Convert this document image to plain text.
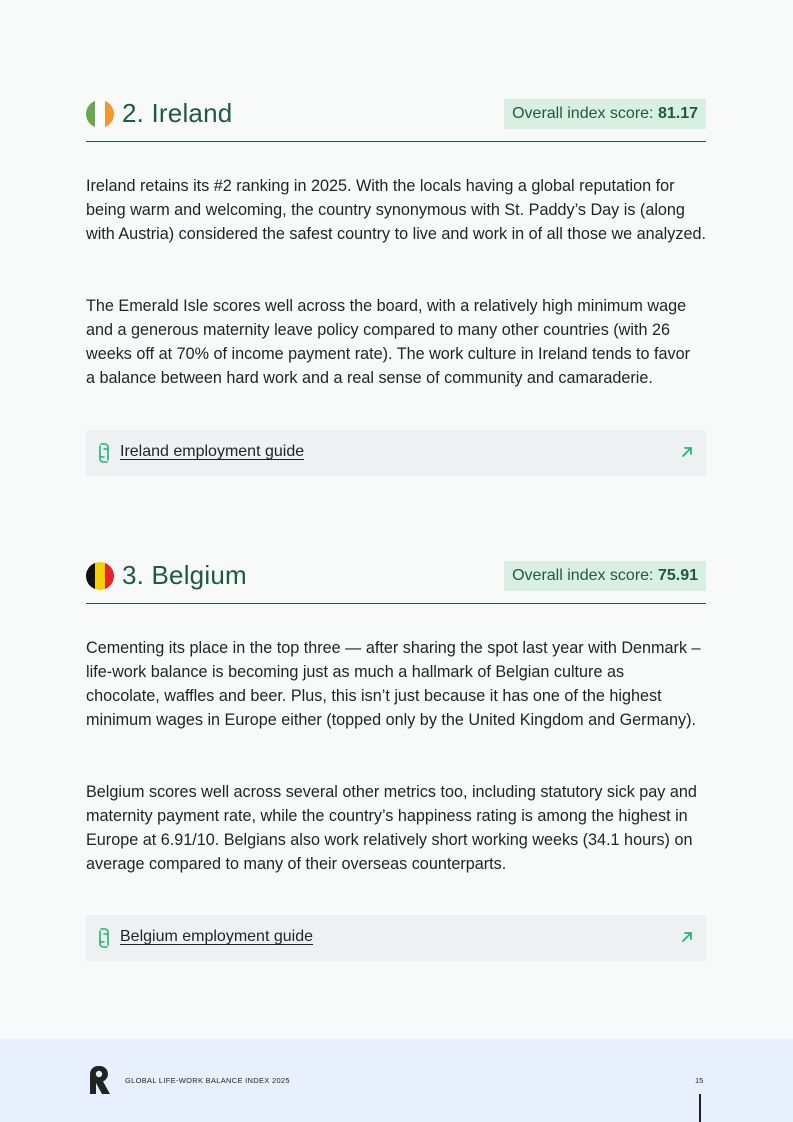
2. Ireland	Overall index score: 81.17

Ireland retains its #2 ranking in 2025. With the locals having a global reputation for being warm and welcoming, the country synonymous with St. Paddy’s Day is (along with Austria) considered the safest country to live and work in of all those we analyzed.

The Emerald Isle scores well across the board, with a relatively high minimum wage and a generous maternity leave policy compared to many other countries (with 26 weeks off at 70% of income payment rate). The work culture in Ireland tends to favor a balance between hard work and a real sense of community and camaraderie.

Ireland employment guide
3. Belgium	Overall index score: 75.91

Cementing its place in the top three — after sharing the spot last year with Denmark – life-work balance is becoming just as much a hallmark of Belgian culture as chocolate, waffles and beer. Plus, this isn’t just because it has one of the highest minimum wages in Europe either (topped only by the United Kingdom and Germany).

Belgium scores well across several other metrics too, including statutory sick pay and maternity payment rate, while the country’s happiness rating is among the highest in Europe at 6.91/10. Belgians also work relatively short working weeks (34.1 hours) on average compared to many of their overseas counterparts.

Belgium employment guide
GLOBAL LIFE-WORK BALANCE INDEX 2025	15
